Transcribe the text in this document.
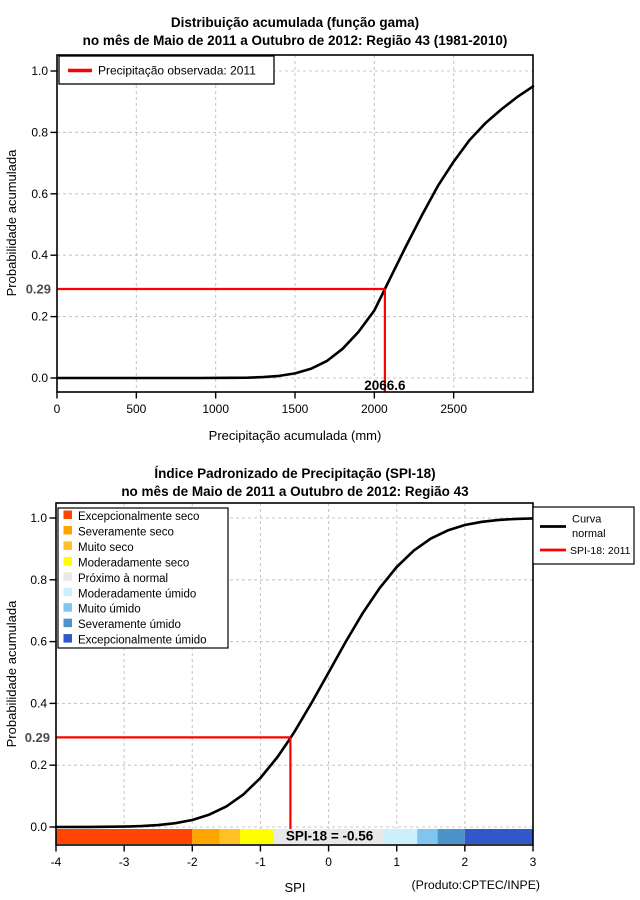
0	500	1000	1500	2000	2500
0.0
0.2
0.4
0.6
0.8
1.0
-4	-3	-2	-1	0	1	2	3
0.0
0.2
0.4
0.6
0.8
1.0
Distribuição acumulada (função gama)
no mês de Maio de 2011 a Outubro de 2012: Região 43 (1981-2010)
Precipitação observada: 2011
0.29
2066.6
Precipitação acumulada (mm)
Probabilidade acumulada
Índice Padronizado de Precipitação (SPI-18)
no mês de Maio de 2011 a Outubro de 2012: Região 43
Excepcionalmente seco
Severamente seco
Muito seco
Moderadamente seco
Próximo à normal
Moderadamente úmido
Muito úmido
Severamente úmido
Excepcionalmente úmido
Curva
normal
SPI-18: 2011
0.29
SPI-18 = -0.56
SPI
Probabilidade acumulada
(Produto:CPTEC/INPE)
